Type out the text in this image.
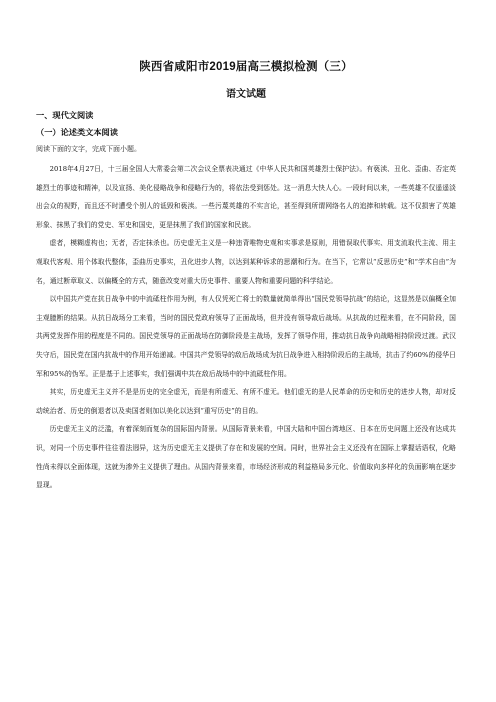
陕西省咸阳市2019届高三模拟检测（三）
语文试题
一、现代文阅读
（一）论述类文本阅读
阅读下面的文字，完成下面小题。

2018年4月27日，十三届全国人大常委会第二次会议全票表决通过《中华人民共和国英雄烈士保护法》。有亵渎、丑化、歪曲、否定英雄烈士的事迹和精神，以及宣扬、美化侵略战争和侵略行为的，将依法受到惩处。这一消息大快人心。一段时间以来，一些英雄不仅遥遥淡出会众的视野，而且还不时遭受个别人的诋毁和亵渎。一些污蔑英雄的不实言论，甚至得到所谓网络名人的追捧和转载。这不仅损害了英雄形象、抹黑了我们的党史、军史和国史，更是抹黑了我们的国家和民族。

虚者，模糊虚构也；无者，否定抹杀也。历史虚无主义是一种违背唯物史观和实事求是原则，用错误取代事实、用支流取代主流、用主观取代客观、用个体取代整体，歪曲历史事实，丑化进步人物，以达到某种诉求的思潮和行为。在当下，它常以“反思历史”和“学术自由”为名，通过断章取义、以偏概全的方式，随意改变对重大历史事件、重要人物和重要问题的科学结论。

以中国共产党在抗日战争中的中流砥柱作用为例，有人仅凭死亡将士的数量就简单得出“国民党领导抗战”的结论，这显然是以偏概全加主观臆断的结果。从抗日战场分工来看，当时的国民党政府领导了正面战场，但并没有领导敌后战场。从抗战的过程来看，在不同阶段，国共两党发挥作用的程度是不同的。国民党领导的正面战场在防御阶段是主战场，发挥了领导作用，推动抗日战争向战略相持阶段过渡。武汉失守后，国民党在国内抗战中的作用开始递减。中国共产党领导的敌后战场成为抗日战争进入相持阶段后的主战场，抗击了约60%的侵华日军和95%的伪军。正是基于上述事实，我们强调中共在敌后战场中的中流砥柱作用。

其实，历史虚无主义并不是是历史的完全虚无，而是有所虚无、有所不虚无。他们虚无的是人民革命的历史和历史的进步人物，却对反动统治者、历史的倒退者以及卖国者则加以美化以达到“重写历史”的目的。

历史虚无主义的泛滥，有着深刻而复杂的国际国内背景。从国际背景来看，中国大陆和中国台湾地区、日本在历史问题上还没有达成共识，对同一个历史事件往往看法迥异，这为历史虚无主义提供了存在和发展的空间。同时，世界社会主义还没有在国际上掌握话语权，化略性尚未得以全面体现，这就为渗外主义提供了理由。从国内背景来看，市场经济形成的利益格局多元化、价值取向多样化的负面影响在逐步显现。
